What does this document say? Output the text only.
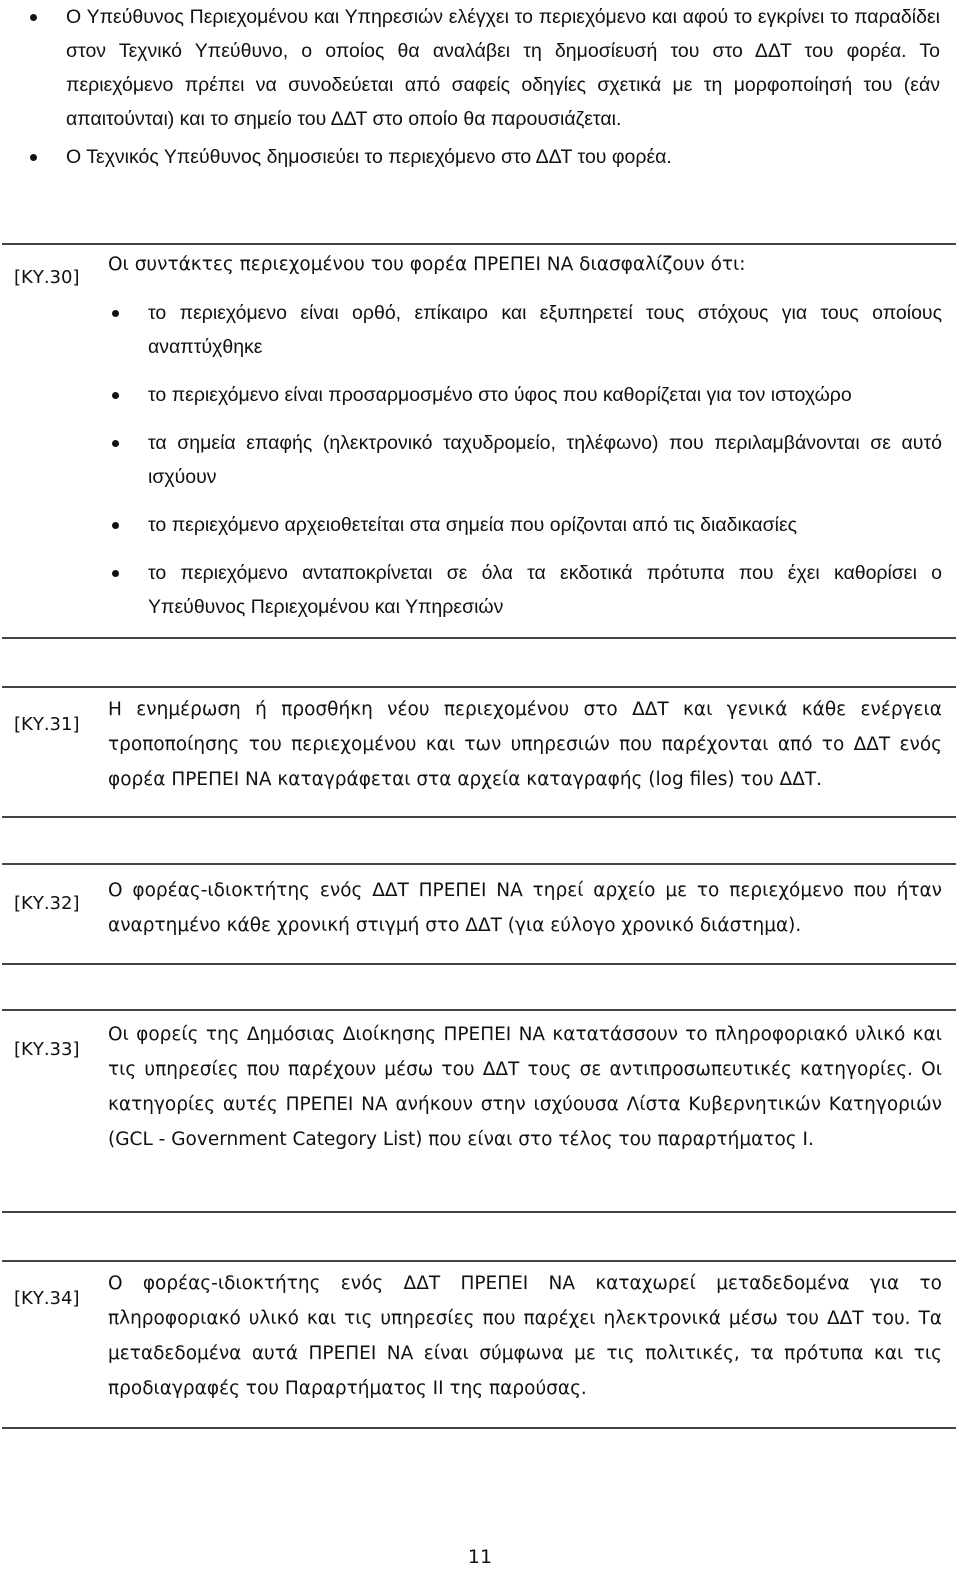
Ο Υπεύθυνος Περιεχομένου και Υπηρεσιών ελέγχει το περιεχόμενο και αφού το εγκρίνει το παραδίδει στον Τεχνικό Υπεύθυνο, ο οποίος θα αναλάβει τη δημοσίευσή του στο ΔΔΤ του φορέα. Το περιεχόμενο πρέπει να συνοδεύεται από σαφείς οδηγίες σχετικά με τη μορφοποίησή του (εάν απαιτούνται) και το σημείο του ΔΔΤ στο οποίο θα παρουσιάζεται.
Ο Τεχνικός Υπεύθυνος δημοσιεύει το περιεχόμενο στο ΔΔΤ του φορέα.
[ΚΥ.30]

Οι συντάκτες περιεχομένου του φορέα ΠΡΕΠΕΙ ΝΑ διασφαλίζουν ότι:

το περιεχόμενο είναι ορθό, επίκαιρο και εξυπηρετεί τους στόχους για τους οποίους αναπτύχθηκε
το περιεχόμενο είναι προσαρμοσμένο στο ύφος που καθορίζεται για τον ιστοχώρο
τα σημεία επαφής (ηλεκτρονικό ταχυδρομείο, τηλέφωνο) που περιλαμβάνονται σε αυτό ισχύουν
το περιεχόμενο αρχειοθετείται στα σημεία που ορίζονται από τις διαδικασίες
το περιεχόμενο ανταποκρίνεται σε όλα τα εκδοτικά πρότυπα που έχει καθορίσει ο Υπεύθυνος Περιεχομένου και Υπηρεσιών
[ΚΥ.31]

Η ενημέρωση ή προσθήκη νέου περιεχομένου στο ΔΔΤ και γενικά κάθε ενέργεια τροποποίησης του περιεχομένου και των υπηρεσιών που παρέχονται από το ΔΔΤ ενός φορέα ΠΡΕΠΕΙ ΝΑ καταγράφεται στα αρχεία καταγραφής (log files) του ΔΔΤ.

[ΚΥ.32]

Ο φορέας-ιδιοκτήτης ενός ΔΔΤ ΠΡΕΠΕΙ ΝΑ τηρεί αρχείο με το περιεχόμενο που ήταν αναρτημένο κάθε χρονική στιγμή στο ΔΔΤ (για εύλογο χρονικό διάστημα).

[ΚΥ.33]

Οι φορείς της Δημόσιας Διοίκησης ΠΡΕΠΕΙ ΝΑ κατατάσσουν το πληροφοριακό υλικό και τις υπηρεσίες που παρέχουν μέσω του ΔΔΤ τους σε αντιπροσωπευτικές κατηγορίες. Οι κατηγορίες αυτές ΠΡΕΠΕΙ ΝΑ ανήκουν στην ισχύουσα Λίστα Κυβερνητικών Κατηγοριών (GCL - Government Category List) που είναι στο τέλος του παραρτήματος I.

[ΚΥ.34]

Ο φορέας-ιδιοκτήτης ενός ΔΔΤ ΠΡΕΠΕΙ ΝΑ καταχωρεί μεταδεδομένα για το πληροφοριακό υλικό και τις υπηρεσίες που παρέχει ηλεκτρονικά μέσω του ΔΔΤ του. Τα μεταδεδομένα αυτά ΠΡΕΠΕΙ ΝΑ είναι σύμφωνα με τις πολιτικές, τα πρότυπα και τις προδιαγραφές του Παραρτήματος II της παρούσας.

11
